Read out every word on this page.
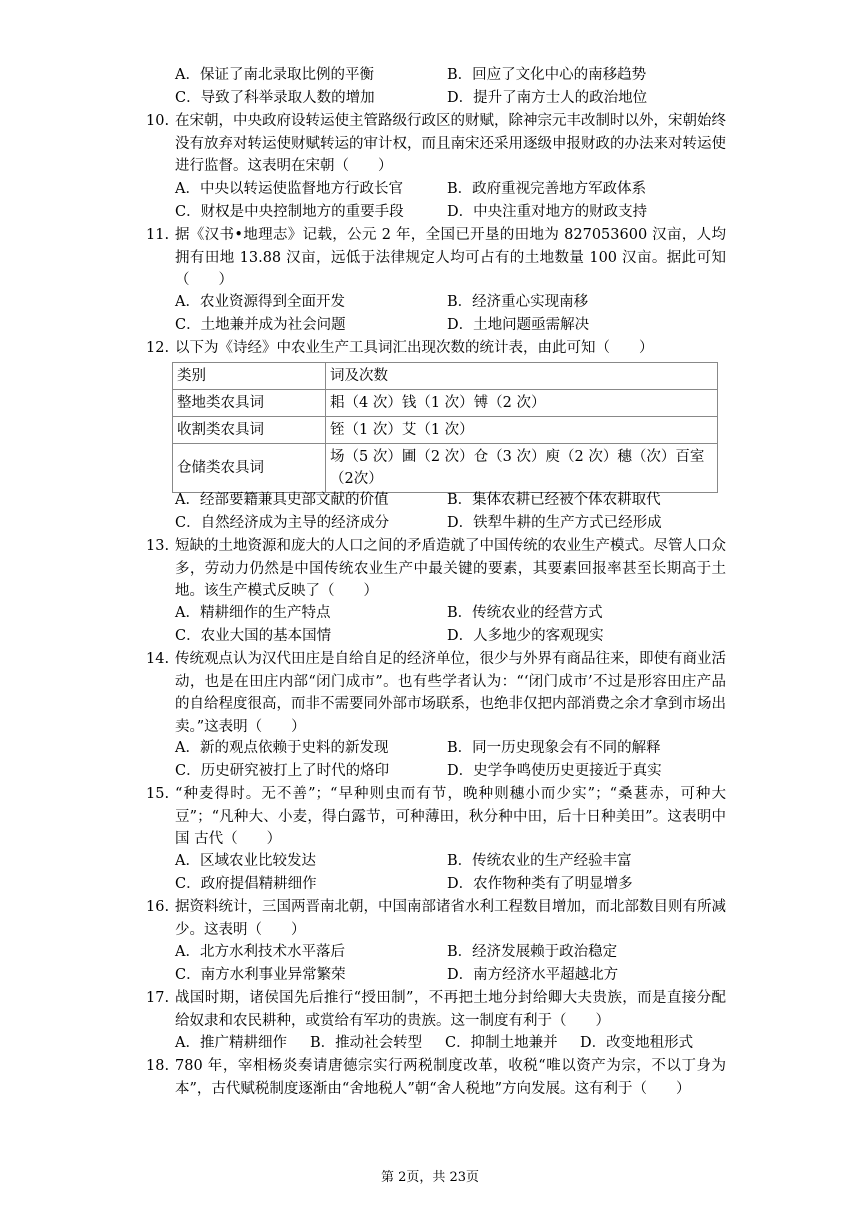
A．保证了南北录取比例的平衡	B．回应了文化中心的南移趋势
C．导致了科举录取人数的增加	D．提升了南方士人的政治地位
10. 在宋朝，中央政府设转运使主管路级行政区的财赋，除神宗元丰改制时以外，宋朝始终没有放弃对转运使财赋转运的审计权，而且南宋还采用逐级申报财政的办法来对转运使进行监督。这表明在宋朝（　　）
A．中央以转运使监督地方行政长官	B．政府重视完善地方军政体系
C．财权是中央控制地方的重要手段	D．中央注重对地方的财政支持
11. 据《汉书•地理志》记载，公元 2 年，全国已开垦的田地为 827053600 汉亩，人均拥有田地 13.88 汉亩，远低于法律规定人均可占有的土地数量 100 汉亩。据此可知（　　）
A．农业资源得到全面开发	B．经济重心实现南移
C．土地兼并成为社会问题	D．土地问题亟需解决
12. 以下为《诗经》中农业生产工具词汇出现次数的统计表，由此可知（　　）
类别	词及次数
整地类农具词	耜（4 次）钱（1 次）镈（2 次）
收割类农具词	铚（1 次）艾（1 次）
仓储类农具词	场（5 次）圃（2 次）仓（3 次）庾（2 次）穗（次）百室（2次）
A．经部要籍兼具史部文献的价值	B．集体农耕已经被个体农耕取代
C．自然经济成为主导的经济成分	D．铁犁牛耕的生产方式已经形成
13. 短缺的土地资源和庞大的人口之间的矛盾造就了中国传统的农业生产模式。尽管人口众多，劳动力仍然是中国传统农业生产中最关键的要素，其要素回报率甚至长期高于土地。该生产模式反映了（　　）
A．精耕细作的生产特点	B．传统农业的经营方式
C．农业大国的基本国情	D．人多地少的客观现实
14. 传统观点认为汉代田庄是自给自足的经济单位，很少与外界有商品往来，即使有商业活动，也是在田庄内部“闭门成市”。也有些学者认为：“‘闭门成市’不过是形容田庄产品的自给程度很高，而非不需要同外部市场联系，也绝非仅把内部消费之余才拿到市场出卖。”这表明（　　）
A．新的观点依赖于史料的新发现	B．同一历史现象会有不同的解释
C．历史研究被打上了时代的烙印	D．史学争鸣使历史更接近于真实
15. “种麦得时。无不善”；“早种则虫而有节，晚种则穗小而少实”；“桑葚赤，可种大豆”；“凡种大、小麦，得白露节，可种薄田，秋分种中田，后十日种美田”。这表明中国 古代（　　）
A．区域农业比较发达	B．传统农业的生产经验丰富
C．政府提倡精耕细作	D．农作物种类有了明显增多
16. 据资料统计，三国两晋南北朝，中国南部诸省水利工程数目增加，而北部数目则有所减少。这表明（　　）
A．北方水利技术水平落后	B．经济发展赖于政治稳定
C．南方水利事业异常繁荣	D．南方经济水平超越北方
17. 战国时期，诸侯国先后推行“授田制”，不再把土地分封给卿大夫贵族，而是直接分配给奴隶和农民耕种，或赏给有军功的贵族。这一制度有利于（　　）
A．推广精耕细作 B．推动社会转型 C．抑制土地兼并 D．改变地租形式
18. 780 年，宰相杨炎奏请唐德宗实行两税制度改革，收税“唯以资产为宗，不以丁身为本”，古代赋税制度逐渐由“舍地税人”朝“舍人税地”方向发展。这有利于（　　）
第 2页，共 23页
